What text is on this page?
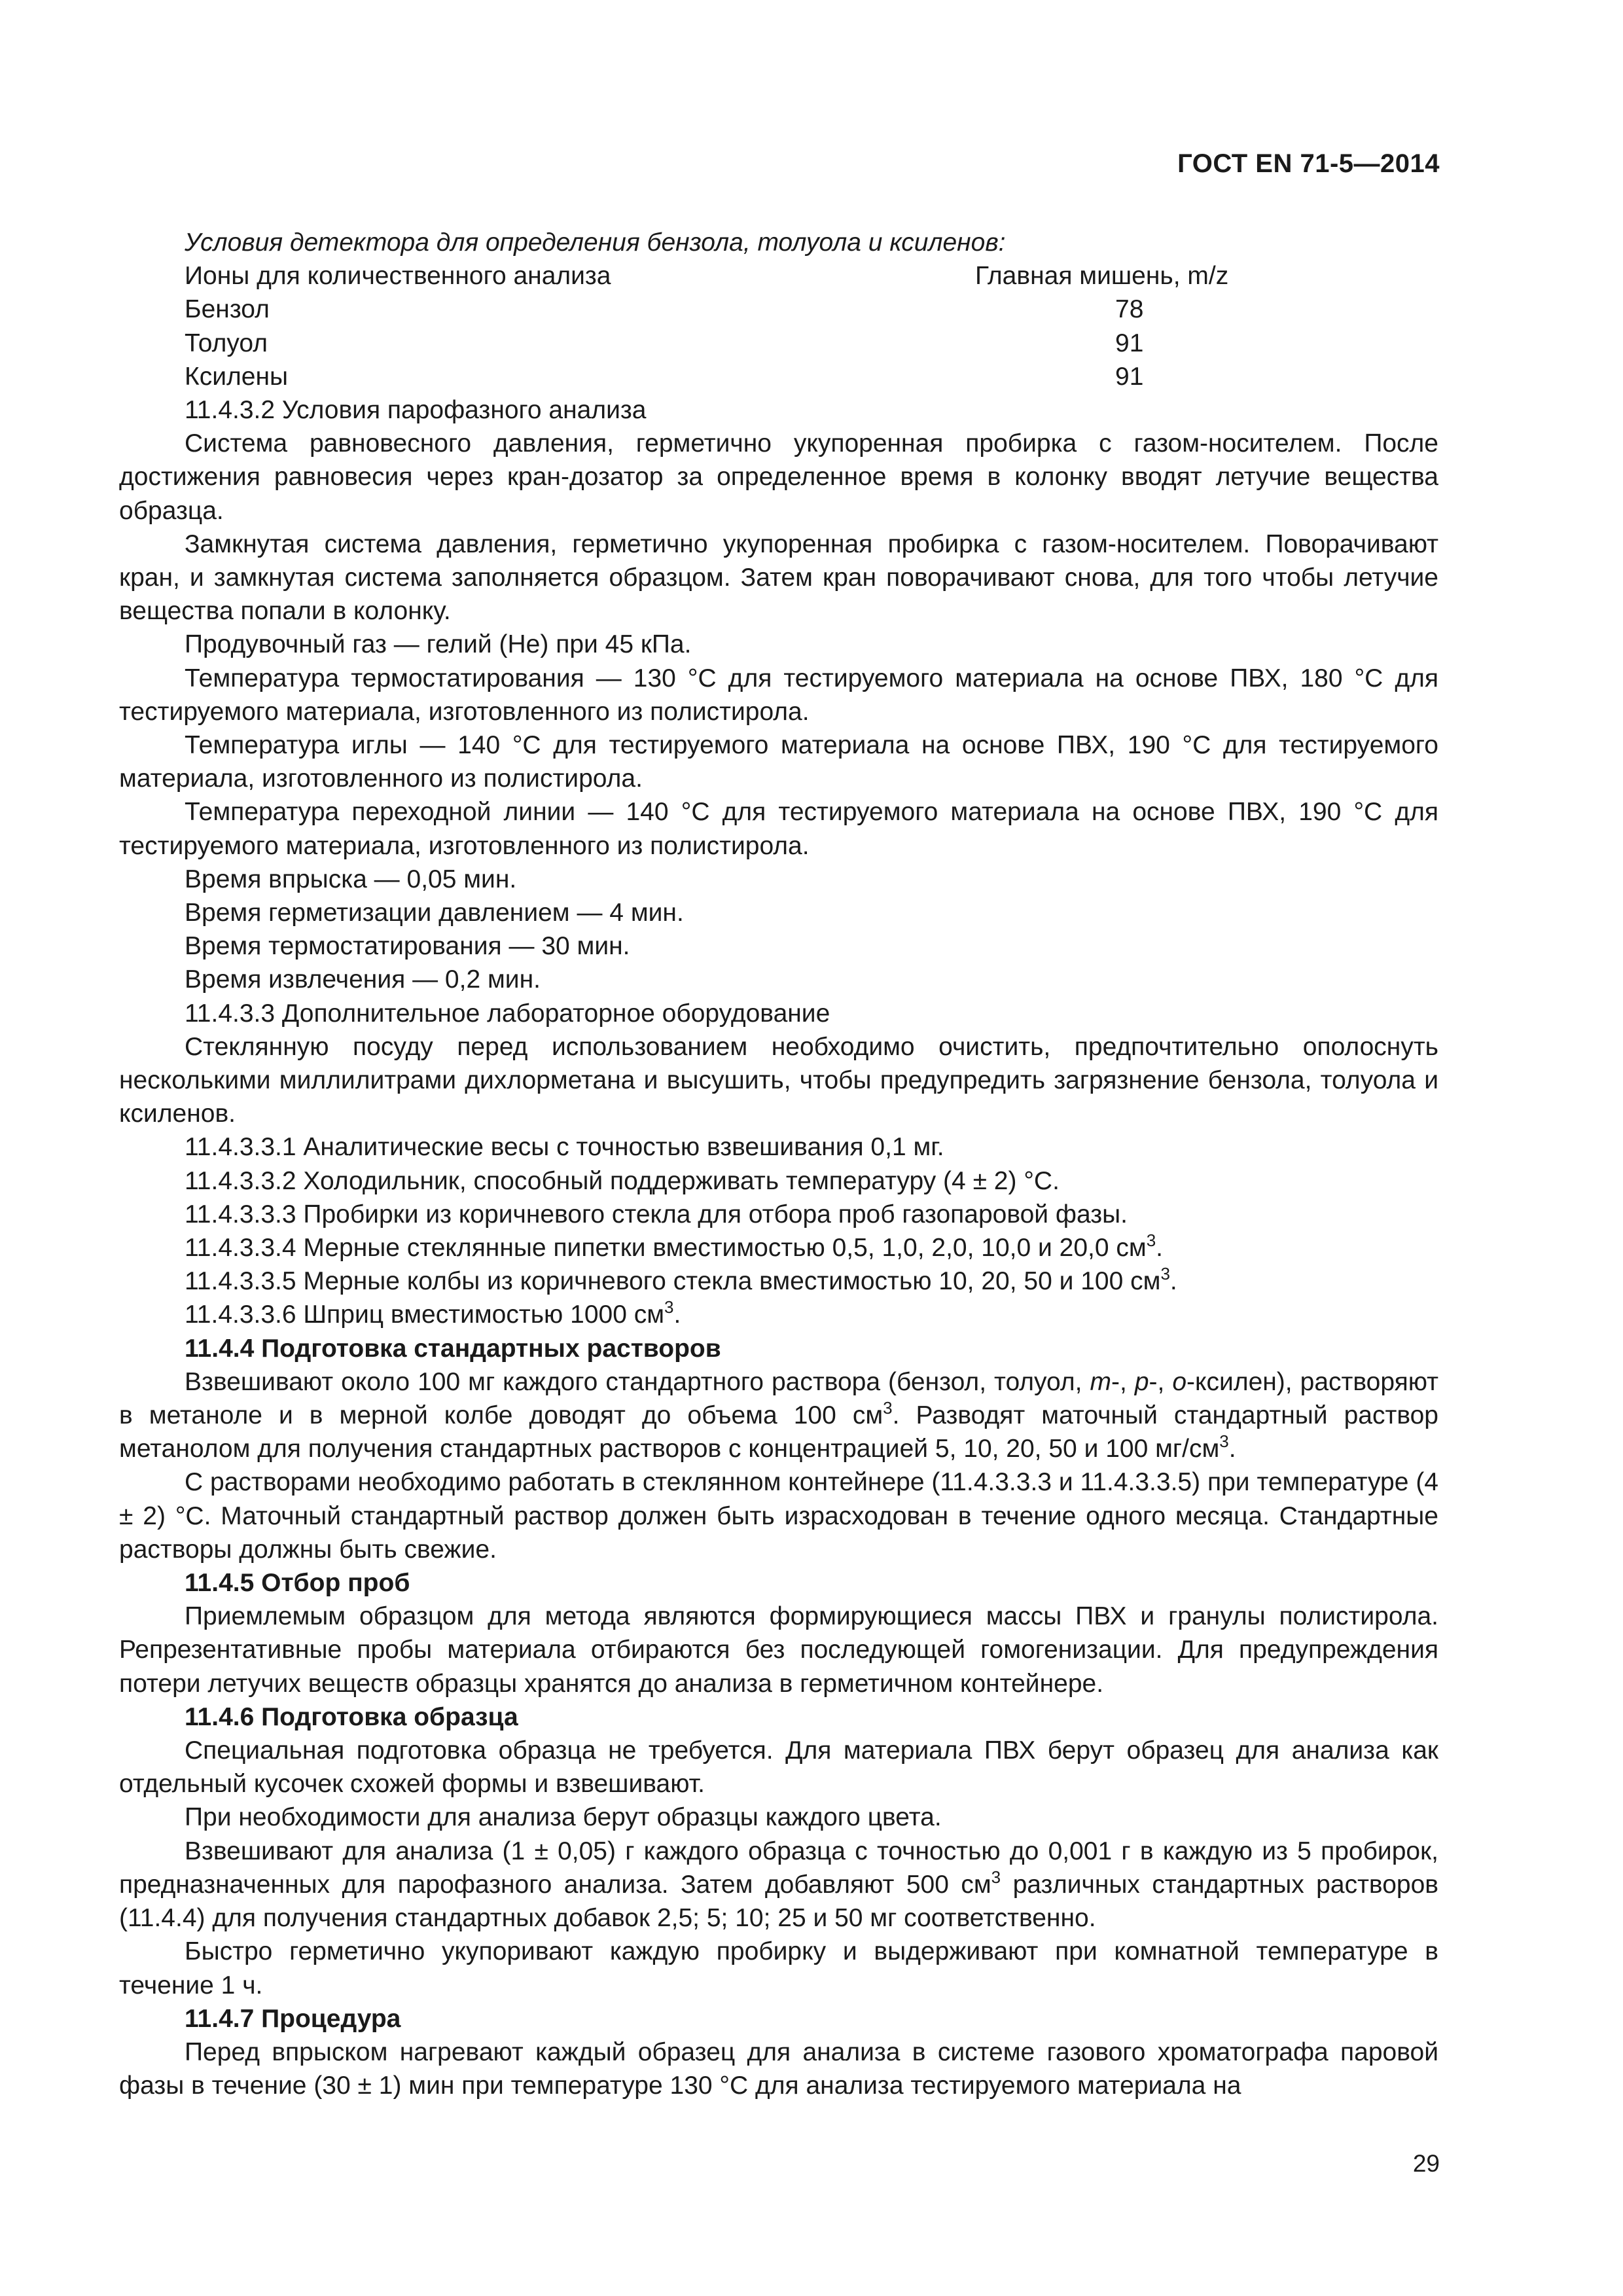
ГОСТ EN 71-5—2014

Условия детектора для определения бензола, толуола и ксиленов:

Ионы для количественного анализа	Главная мишень, m/z
Бензол	78
Толуол	91
Ксилены	91

11.4.3.2 Условия парофазного анализа

Система равновесного давления, герметично укупоренная пробирка с газом-носителем. После достижения равновесия через кран-дозатор за определенное время в колонку вводят летучие вещества образца.

Замкнутая система давления, герметично укупоренная пробирка с газом-носителем. Поворачивают кран, и замкнутая система заполняется образцом. Затем кран поворачивают снова, для того чтобы летучие вещества попали в колонку.

Продувочный газ — гелий (He) при 45 кПа.

Температура термостатирования — 130 °С для тестируемого материала на основе ПВХ, 180 °С для тестируемого материала, изготовленного из полистирола.

Температура иглы — 140 °С для тестируемого материала на основе ПВХ, 190 °С для тестируемого материала, изготовленного из полистирола.

Температура переходной линии — 140 °С для тестируемого материала на основе ПВХ, 190 °С для тестируемого материала, изготовленного из полистирола.

Время впрыска — 0,05 мин.

Время герметизации давлением — 4 мин.

Время термостатирования — 30 мин.

Время извлечения — 0,2 мин.

11.4.3.3 Дополнительное лабораторное оборудование

Стеклянную посуду перед использованием необходимо очистить, предпочтительно ополоснуть несколькими миллилитрами дихлорметана и высушить, чтобы предупредить загрязнение бензола, толуола и ксиленов.

11.4.3.3.1 Аналитические весы с точностью взвешивания 0,1 мг.

11.4.3.3.2 Холодильник, способный поддерживать температуру (4 ± 2) °С.

11.4.3.3.3 Пробирки из коричневого стекла для отбора проб газопаровой фазы.

11.4.3.3.4 Мерные стеклянные пипетки вместимостью 0,5, 1,0, 2,0, 10,0 и 20,0 $см^3$.

11.4.3.3.5 Мерные колбы из коричневого стекла вместимостью 10, 20, 50 и 100 $см^3$.

11.4.3.3.6 Шприц вместимостью 1000 $см^3$.

11.4.4 Подготовка стандартных растворов

Взвешивают около 100 мг каждого стандартного раствора (бензол, толуол, m-, p-, o-ксилен), растворяют в метаноле и в мерной колбе доводят до объема 100 $см^3$. Разводят маточный стандартный раствор метанолом для получения стандартных растворов с концентрацией 5, 10, 20, 50 и 100 $мг/см^3$.

С растворами необходимо работать в стеклянном контейнере (11.4.3.3.3 и 11.4.3.3.5) при температуре (4 ± 2) °С. Маточный стандартный раствор должен быть израсходован в течение одного месяца. Стандартные растворы должны быть свежие.

11.4.5 Отбор проб

Приемлемым образцом для метода являются формирующиеся массы ПВХ и гранулы полистирола. Репрезентативные пробы материала отбираются без последующей гомогенизации. Для предупреждения потери летучих веществ образцы хранятся до анализа в герметичном контейнере.

11.4.6 Подготовка образца

Специальная подготовка образца не требуется. Для материала ПВХ берут образец для анализа как отдельный кусочек схожей формы и взвешивают.

При необходимости для анализа берут образцы каждого цвета.

Взвешивают для анализа (1 ± 0,05) г каждого образца с точностью до 0,001 г в каждую из 5 пробирок, предназначенных для парофазного анализа. Затем добавляют 500 $см^3$ различных стандартных растворов (11.4.4) для получения стандартных добавок 2,5; 5; 10; 25 и 50 мг соответственно.

Быстро герметично укупоривают каждую пробирку и выдерживают при комнатной температуре в течение 1 ч.

11.4.7 Процедура

Перед впрыском нагревают каждый образец для анализа в системе газового хроматографа паровой фазы в течение (30 ± 1) мин при температуре 130 °С для анализа тестируемого материала на

29
